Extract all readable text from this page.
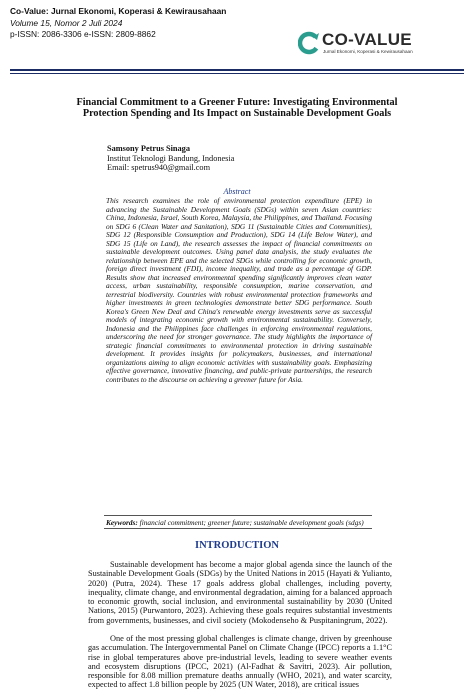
Co-Value: Jurnal Ekonomi, Koperasi & Kewirausahaan
Volume 15, Nomor 2 Juli 2024
p-ISSN: 2086-3306 e-ISSN: 2809-8862	CO-VALUE
Jurnal Ekonomi, Koperasi & Kewirausahaan
Financial Commitment to a Greener Future: Investigating Environmental Protection Spending and Its Impact on Sustainable Development Goals
Samsony Petrus Sinaga
Institut Teknologi Bandung, Indonesia
Email: spetrus940@gmail.com
Abstract
This research examines the role of environmental protection expenditure (EPE) in advancing the Sustainable Development Goals (SDGs) within seven Asian countries: China, Indonesia, Israel, South Korea, Malaysia, the Philippines, and Thailand. Focusing on SDG 6 (Clean Water and Sanitation), SDG 11 (Sustainable Cities and Communities), SDG 12 (Responsible Consumption and Production), SDG 14 (Life Below Water), and SDG 15 (Life on Land), the research assesses the impact of financial commitments on sustainable development outcomes. Using panel data analysis, the study evaluates the relationship between EPE and the selected SDGs while controlling for economic growth, foreign direct investment (FDI), income inequality, and trade as a percentage of GDP. Results show that increased environmental spending significantly improves clean water access, urban sustainability, responsible consumption, marine conservation, and terrestrial biodiversity. Countries with robust environmental protection frameworks and higher investments in green technologies demonstrate better SDG performance. South Korea's Green New Deal and China's renewable energy investments serve as successful models of integrating economic growth with environmental sustainability. Conversely, Indonesia and the Philippines face challenges in enforcing environmental regulations, underscoring the need for stronger governance. The study highlights the importance of strategic financial commitments to environmental protection in driving sustainable development. It provides insights for policymakers, businesses, and international organizations aiming to align economic activities with sustainability goals. Emphasizing effective governance, innovative financing, and public-private partnerships, the research contributes to the discourse on achieving a greener future for Asia.
Keywords: financial commitment; greener future; sustainable development goals (sdgs)
INTRODUCTION

Sustainable development has become a major global agenda since the launch of the Sustainable Development Goals (SDGs) by the United Nations in 2015 (Hayati & Yulianto, 2020) (Putra, 2024). These 17 goals address global challenges, including poverty, inequality, climate change, and environmental degradation, aiming for a balanced approach to economic growth, social inclusion, and environmental sustainability by 2030 (United Nations, 2015) (Purwantoro, 2023). Achieving these goals requires substantial investments from governments, businesses, and civil society (Mokodenseho & Puspitaningrum, 2022).

One of the most pressing global challenges is climate change, driven by greenhouse gas accumulation. The Intergovernmental Panel on Climate Change (IPCC) reports a 1.1°C rise in global temperatures above pre-industrial levels, leading to severe weather events and ecosystem disruptions (IPCC, 2021) (Al-Fadhat & Savitri, 2023). Air pollution, responsible for 8.08 million premature deaths annually (WHO, 2021), and water scarcity, expected to affect 1.8 billion people by 2025 (UN Water, 2018), are critical issues
